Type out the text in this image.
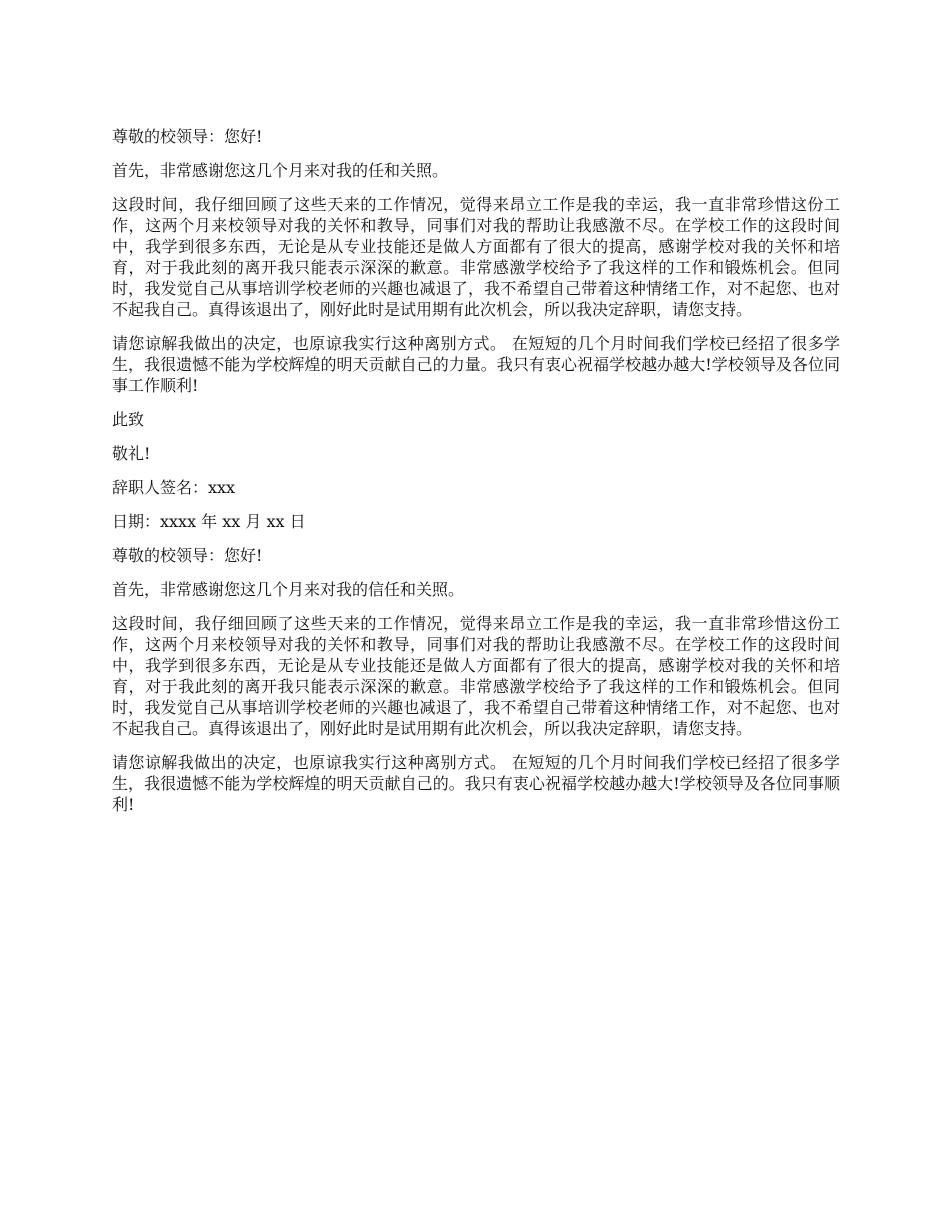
尊敬的校领导：您好!

首先，非常感谢您这几个月来对我的任和关照。

这段时间，我仔细回顾了这些天来的工作情况，觉得来昂立工作是我的幸运，我一直非常珍惜这份工作，这两个月来校领导对我的关怀和教导，同事们对我的帮助让我感激不尽。在学校工作的这段时间中，我学到很多东西，无论是从专业技能还是做人方面都有了很大的提高，感谢学校对我的关怀和培育，对于我此刻的离开我只能表示深深的歉意。非常感激学校给予了我这样的工作和锻炼机会。但同时，我发觉自己从事培训学校老师的兴趣也减退了，我不希望自己带着这种情绪工作，对不起您、也对不起我自己。真得该退出了，刚好此时是试用期有此次机会，所以我决定辞职，请您支持。

请您谅解我做出的决定，也原谅我实行这种离别方式。 在短短的几个月时间我们学校已经招了很多学生，我很遗憾不能为学校辉煌的明天贡献自己的力量。我只有衷心祝福学校越办越大!学校领导及各位同事工作顺利!

此致

敬礼!

辞职人签名：xxx

日期：xxxx 年 xx 月 xx 日

尊敬的校领导：您好!

首先，非常感谢您这几个月来对我的信任和关照。

这段时间，我仔细回顾了这些天来的工作情况，觉得来昂立工作是我的幸运，我一直非常珍惜这份工作，这两个月来校领导对我的关怀和教导，同事们对我的帮助让我感激不尽。在学校工作的这段时间中，我学到很多东西，无论是从专业技能还是做人方面都有了很大的提高，感谢学校对我的关怀和培育，对于我此刻的离开我只能表示深深的歉意。非常感激学校给予了我这样的工作和锻炼机会。但同时，我发觉自己从事培训学校老师的兴趣也减退了，我不希望自己带着这种情绪工作，对不起您、也对不起我自己。真得该退出了，刚好此时是试用期有此次机会，所以我决定辞职，请您支持。

请您谅解我做出的决定，也原谅我实行这种离别方式。 在短短的几个月时间我们学校已经招了很多学生，我很遗憾不能为学校辉煌的明天贡献自己的。我只有衷心祝福学校越办越大!学校领导及各位同事顺利!
